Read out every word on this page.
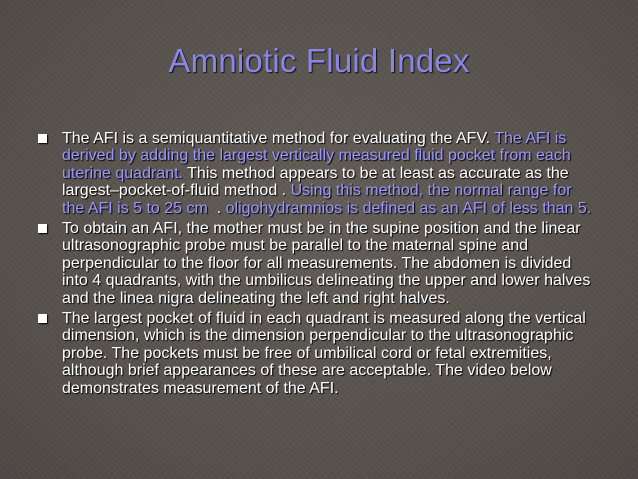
Amniotic Fluid Index
The AFI is a semiquantitative method for evaluating the AFV. The AFI is derived by adding the largest vertically measured fluid pocket from each uterine quadrant. This method appears to be at least as accurate as the largest–pocket-of-fluid method . Using this method, the normal range for the AFI is 5 to 25 cm  . oligohydramnios is defined as an AFI of less than 5.
To obtain an AFI, the mother must be in the supine position and the linear ultrasonographic probe must be parallel to the maternal spine and perpendicular to the floor for all measurements. The abdomen is divided into 4 quadrants, with the umbilicus delineating the upper and lower halves and the linea nigra delineating the left and right halves.
The largest pocket of fluid in each quadrant is measured along the vertical dimension, which is the dimension perpendicular to the ultrasonographic probe. The pockets must be free of umbilical cord or fetal extremities, although brief appearances of these are acceptable. The video below demonstrates measurement of the AFI.
